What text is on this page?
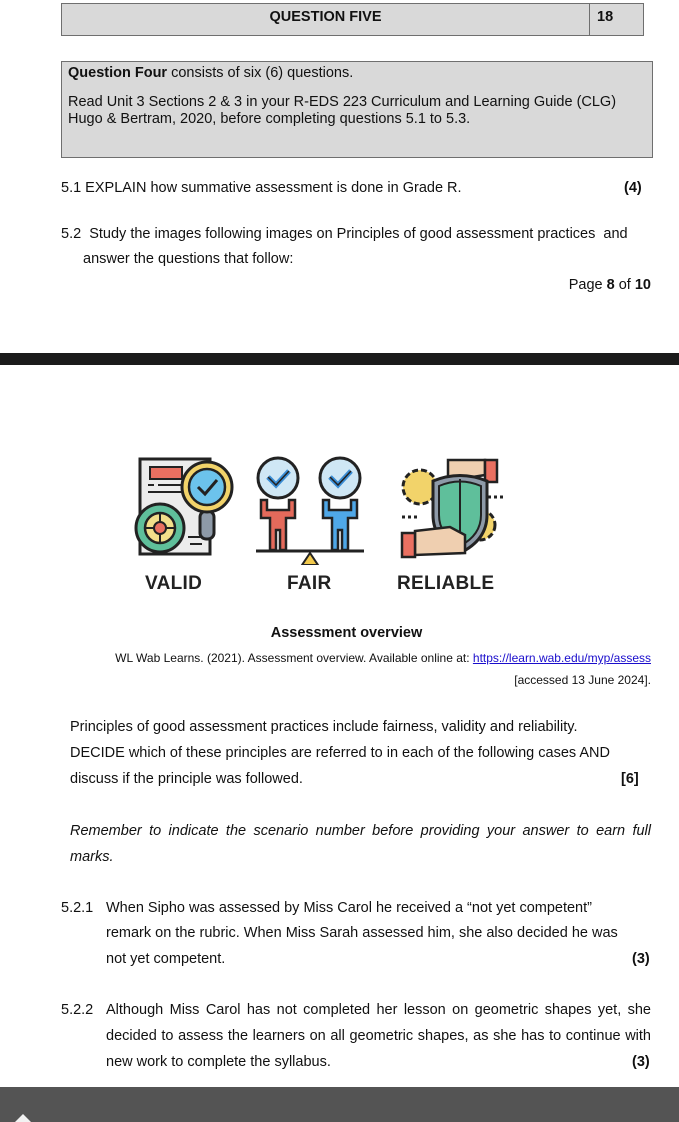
QUESTION FIVE	18

Question Four consists of six (6) questions.

Read Unit 3 Sections 2 & 3 in your R-EDS 223 Curriculum and Learning Guide (CLG)

Hugo & Bertram, 2020, before completing questions 5.1 to 5.3.

5.1 EXPLAIN how summative assessment is done in Grade R.	(4)
5.2  Study the images following images on Principles of good assessment practices  and
answer the questions that follow:
Page 8 of 10
VALID	FAIR	RELIABLE
Assessment overview
WL Wab Learns. (2021). Assessment overview. Available online at: https://learn.wab.edu/myp/assess
[accessed 13 June 2024].
Principles of good assessment practices include fairness, validity and reliability.
DECIDE which of these principles are referred to in each of the following cases AND
discuss if the principle was followed.	[6]
Remember to indicate the scenario number before providing your answer to earn full
marks.
5.2.1 When Sipho was assessed by Miss Carol he received a “not yet competent”
remark on the rubric. When Miss Sarah assessed him, she also decided he was
not yet competent.	(3)
5.2.2 Although Miss Carol has not completed her lesson on geometric shapes yet, she
decided to assess the learners on all geometric shapes, as she has to continue with
new work to complete the syllabus.	(3)
